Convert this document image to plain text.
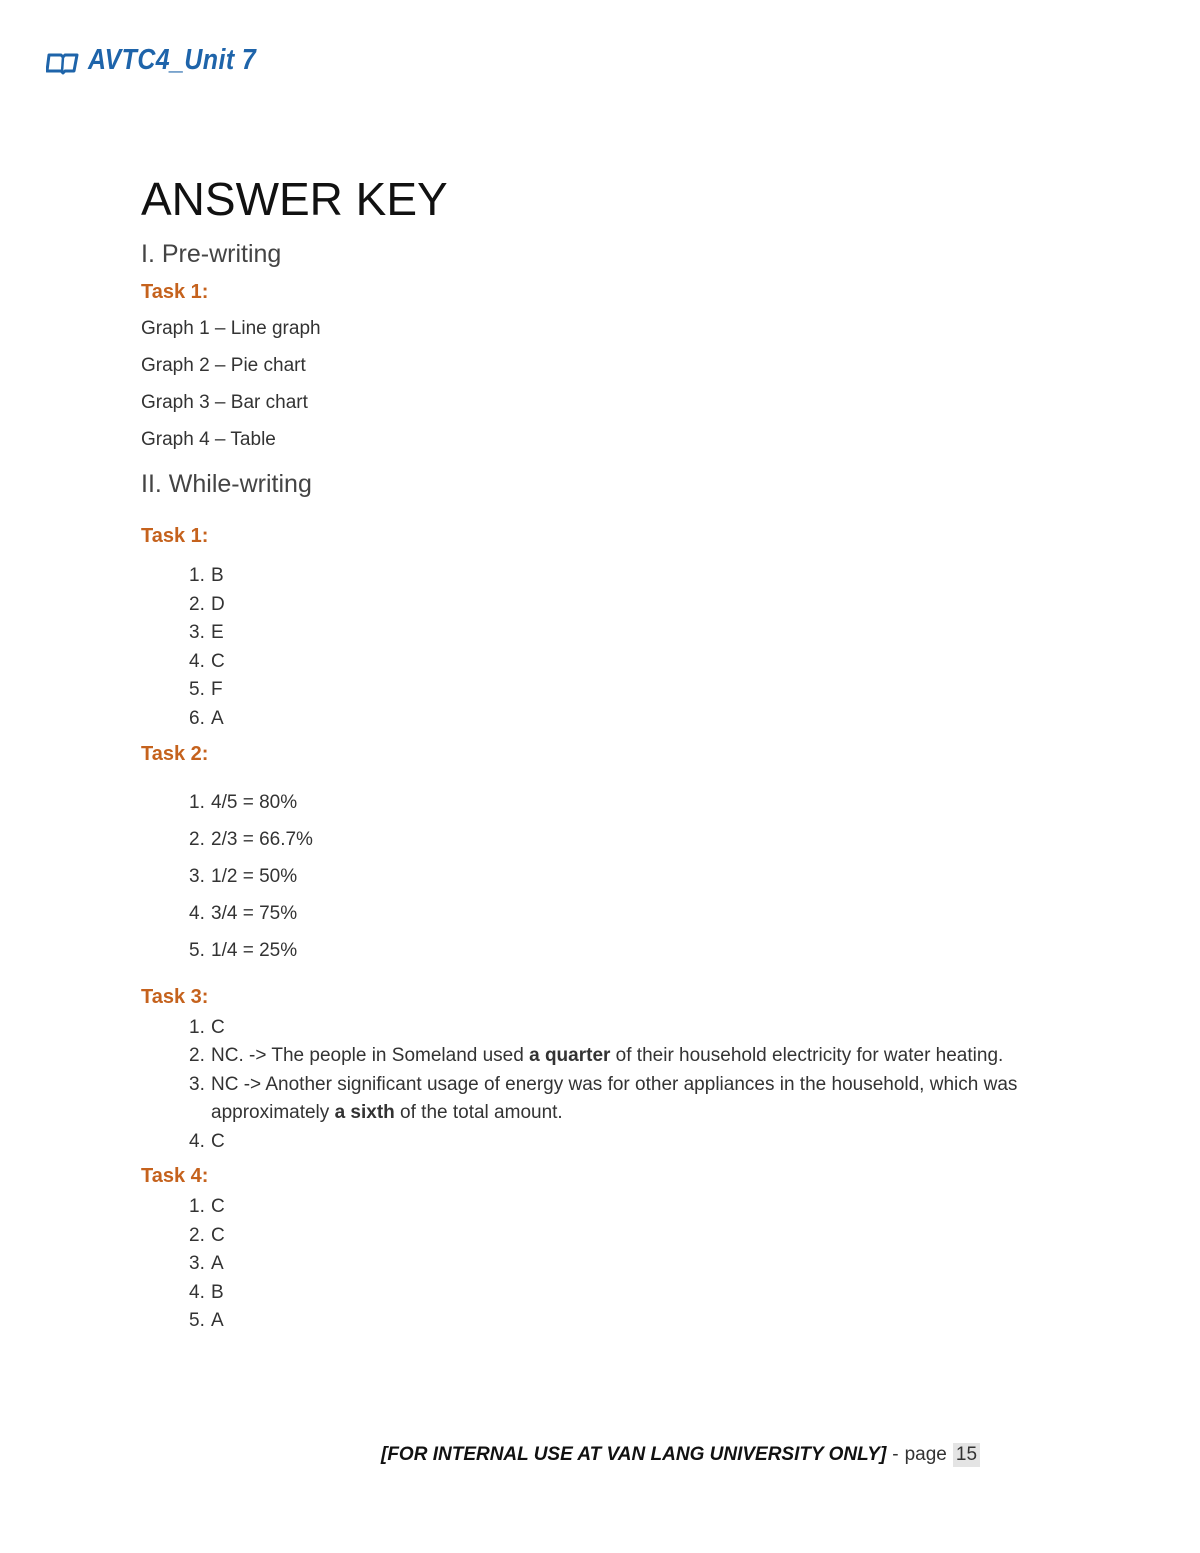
AVTC4_Unit 7
ANSWER KEY
I. Pre-writing
Task 1:

Graph 1 – Line graph

Graph 2 – Pie chart

Graph 3 – Bar chart

Graph 4 – Table

II. While-writing
Task 1:
1. B
2. D
3. E
4. C
5. F
6. A
Task 2:
1. 4/5 = 80%
2. 2/3 = 66.7%
3. 1/2 = 50%
4. 3/4 = 75%
5. 1/4 = 25%
Task 3:
1. C
2. NC. -> The people in Someland used a quarter of their household electricity for water heating.
3. NC -> Another significant usage of energy was for other appliances in the household, which was approximately a sixth of the total amount.
4. C
Task 4:
1. C
2. C
3. A
4. B
5. A
[FOR INTERNAL USE AT VAN LANG UNIVERSITY ONLY] - page 15
